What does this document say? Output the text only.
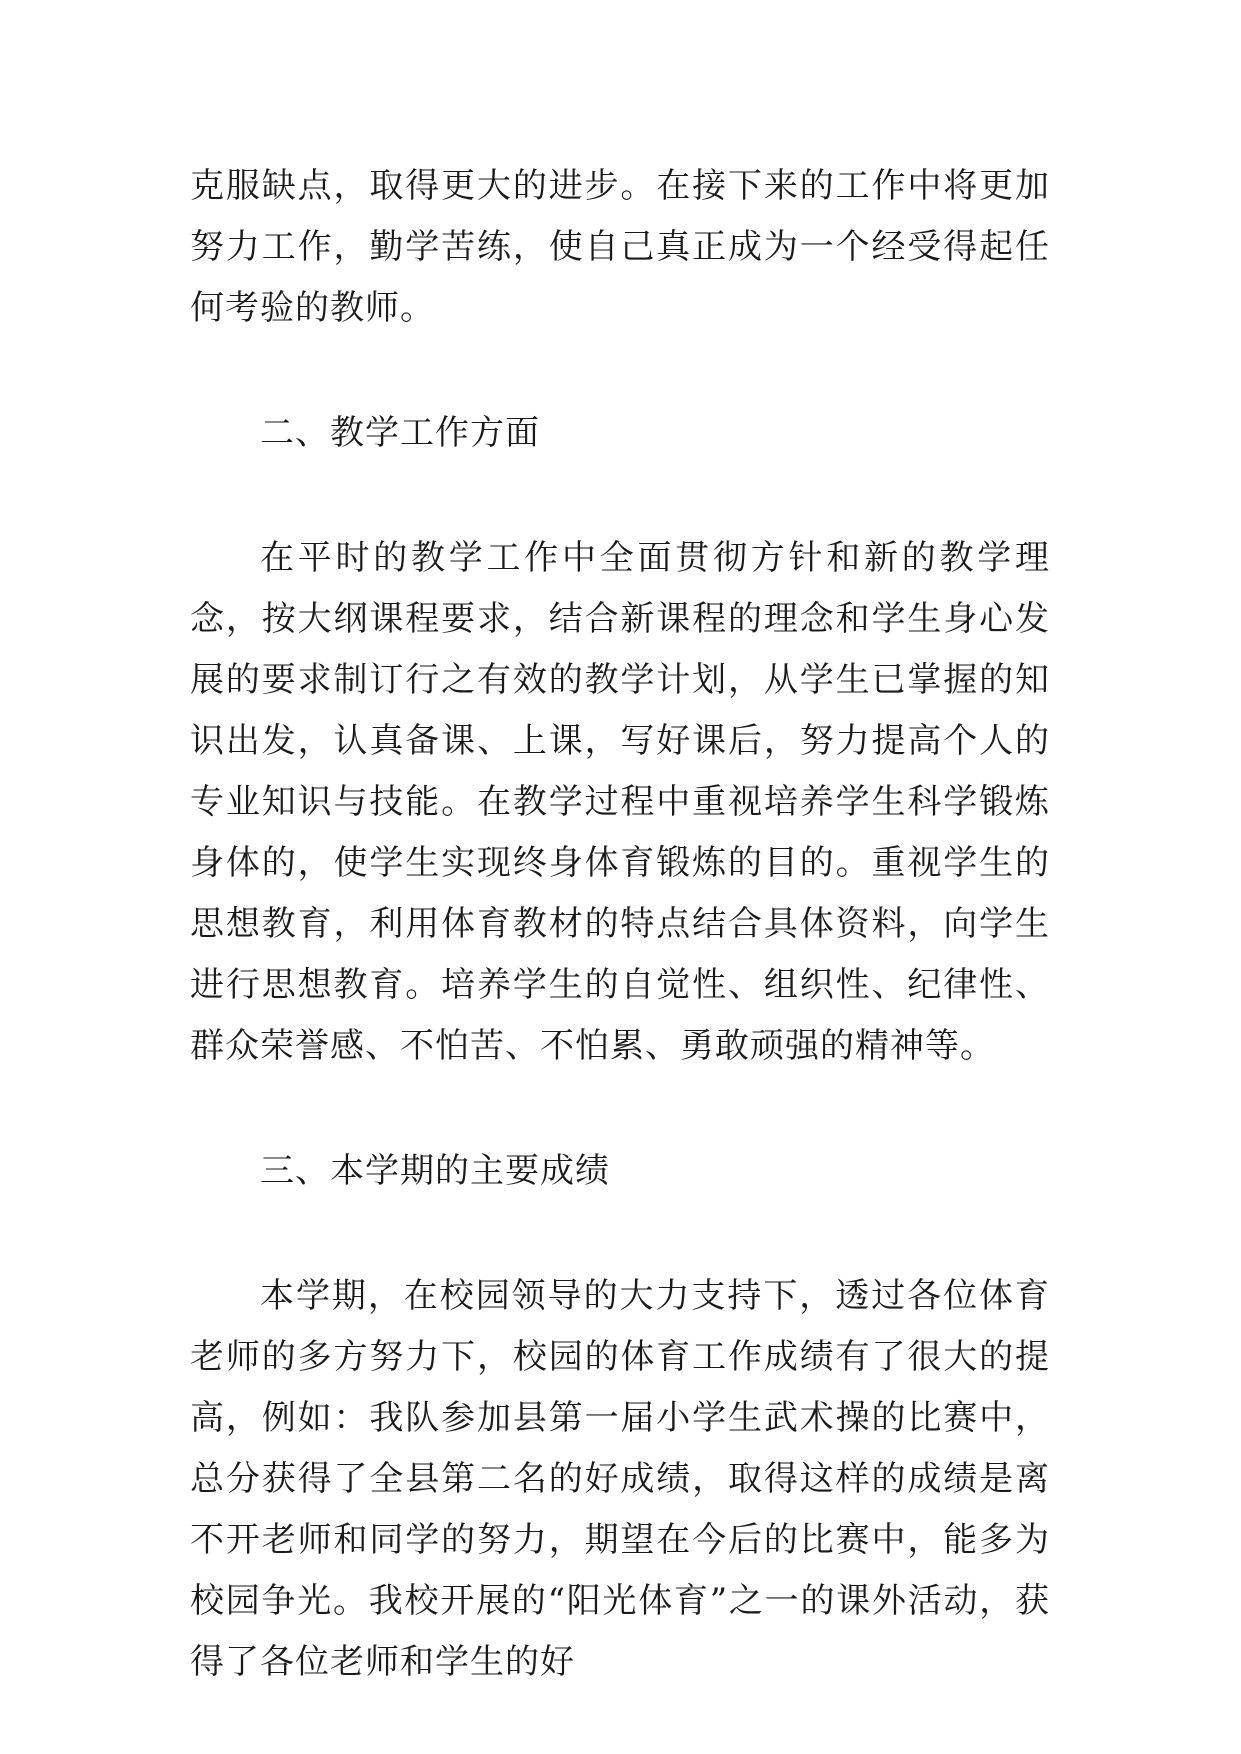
克服缺点，取得更大的进步。在接下来的工作中将更加努力工作，勤学苦练，使自己真正成为一个经受得起任何考验的教师。

二、教学工作方面

在平时的教学工作中全面贯彻方针和新的教学理念，按大纲课程要求，结合新课程的理念和学生身心发展的要求制订行之有效的教学计划，从学生已掌握的知识出发，认真备课、上课，写好课后，努力提高个人的专业知识与技能。在教学过程中重视培养学生科学锻炼身体的，使学生实现终身体育锻炼的目的。重视学生的思想教育，利用体育教材的特点结合具体资料，向学生进行思想教育。培养学生的自觉性、组织性、纪律性、群众荣誉感、不怕苦、不怕累、勇敢顽强的精神等。

三、本学期的主要成绩

本学期，在校园领导的大力支持下，透过各位体育老师的多方努力下，校园的体育工作成绩有了很大的提高，例如：我队参加县第一届小学生武术操的比赛中，总分获得了全县第二名的好成绩，取得这样的成绩是离不开老师和同学的努力，期望在今后的比赛中，能多为校园争光。我校开展的“阳光体育”之一的课外活动，获得了各位老师和学生的好
